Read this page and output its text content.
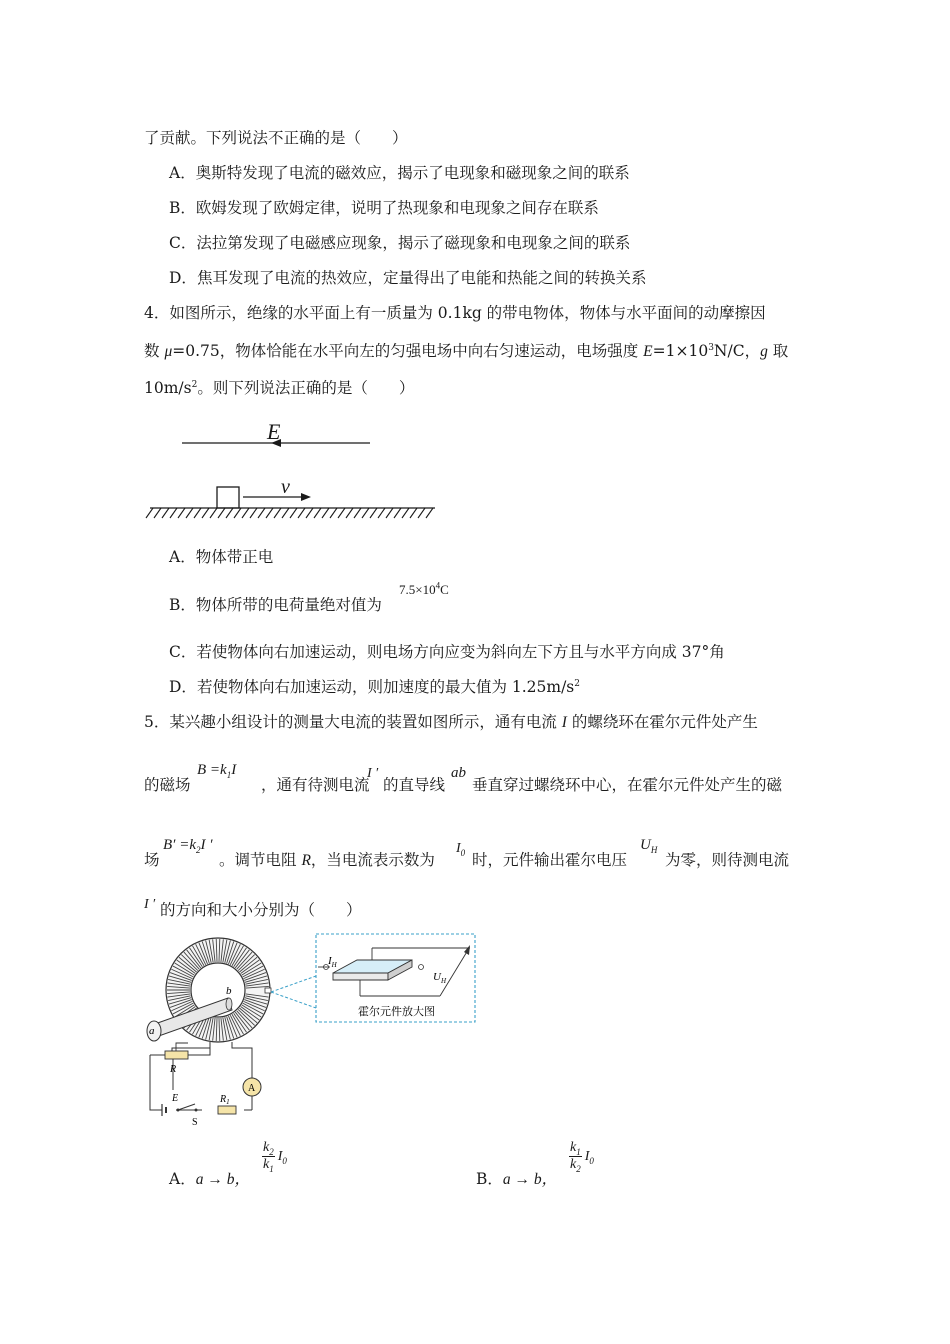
了贡献。下列说法不正确的是（　　）
A．奥斯特发现了电流的磁效应，揭示了电现象和磁现象之间的联系
B．欧姆发现了欧姆定律，说明了热现象和电现象之间存在联系
C．法拉第发现了电磁感应现象，揭示了磁现象和电现象之间的联系
D．焦耳发现了电流的热效应，定量得出了电能和热能之间的转换关系
4．如图所示，绝缘的水平面上有一质量为 0.1kg 的带电物体，物体与水平面间的动摩擦因
数 μ=0.75，物体恰能在水平向左的匀强电场中向右匀速运动，电场强度 $E=1\times 10^3N/C$，g 取
$10m/s^2$。则下列说法正确的是（　　）
E
v
A．物体带正电
B．物体所带的电荷量绝对值为
$7.5\times 10^4C$
C．若使物体向右加速运动，则电场方向应变为斜向左下方且与水平方向成 37°角
D．若使物体向右加速运动，则加速度的最大值为 $1.25m/s^2$
5．某兴趣小组设计的测量大电流的装置如图所示，通有电流 I 的螺绕环在霍尔元件处产生
的磁场
$B =k_1I$
，通有待测电流
I ′
的直导线
ab
垂直穿过螺绕环中心，在霍尔元件处产生的磁
场
$B' =k_2I$ ′
。调节电阻 R，当电流表示数为
$I_0$ 时，元件输出霍尔电压
$U_H$
为零，则待测电流
I ′ 的方向和大小分别为（　　）
a
b
$I_H$
$U_H$
霍尔元件放大图
R
A
E
S
$R_1$
A．a → b，
$\frac{k_2}{k_1} I_0$
B．a → b，
$\frac{k_1}{k_2} I_0$
